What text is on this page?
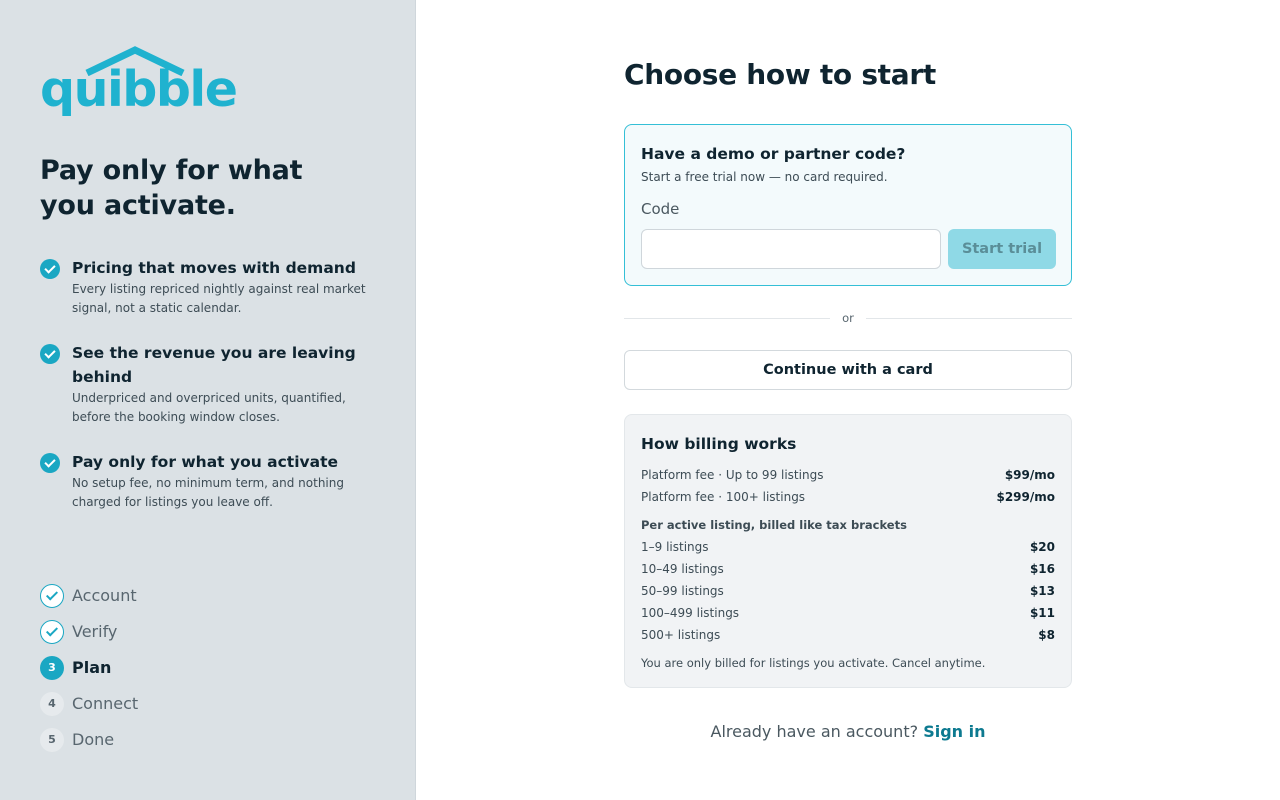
quibble
Pay only for what you activate.
Pricing that moves with demand
Every listing repriced nightly against real market signal, not a static calendar.
See the revenue you are leaving behind
Underpriced and overpriced units, quantified, before the booking window closes.
Pay only for what you activate
No setup fee, no minimum term, and nothing charged for listings you leave off.
Account
Verify
3	Plan
4	Connect
5	Done
Choose how to start
Have a demo or partner code?
Start a free trial now — no card required.
Code
Start trial
or
Continue with a card
How billing works
Platform fee · Up to 99 listings	$99/mo
Platform fee · 100+ listings	$299/mo
Per active listing, billed like tax brackets
1–9 listings	$20
10–49 listings	$16
50–99 listings	$13
100–499 listings	$11
500+ listings	$8
You are only billed for listings you activate. Cancel anytime.
Already have an account? Sign in
